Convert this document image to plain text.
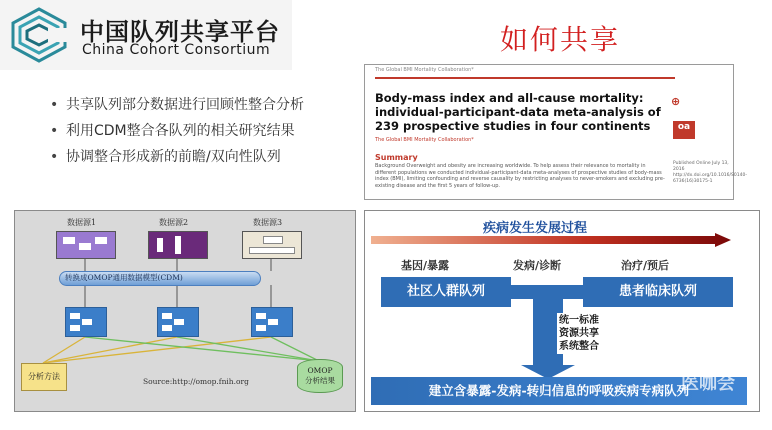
中国队列共享平台
China Cohort Consortium	如何共享
• 共享队列部分数据进行回顾性整合分析
• 利用CDM整合各队列的相关研究结果
• 协调整合形成新的前瞻/双向性队列
The Global BMI Mortality Collaboration*
Body-mass index and all-cause mortality: individual-participant-data meta-analysis of 239 prospective studies in four continents
⊕
oa
The Global BMI Mortality Collaboration*
Summary
Background Overweight and obesity are increasing worldwide. To help assess their relevance to mortality in different populations we conducted individual-participant-data meta-analyses of prospective studies of body-mass index (BMI), limiting confounding and reverse causality by restricting analyses to never-smokers and excluding pre-existing disease and the first 5 years of follow-up.
Published Online July 13, 2016 http://dx.doi.org/10.1016/S0140-6736(16)30175-1
数据源1	数据源2	数据源3
转换成OMOP通用数据模型(CDM)
分析方法
OMOP
分析结果
Source:http://omop.fnih.org
疾病发生发展过程
基因/暴露	发病/诊断	治疗/预后
社区人群队列	患者临床队列
统一标准
资源共享
系统整合
建立含暴露-发病-转归信息的呼吸疾病专病队列
医咖会
